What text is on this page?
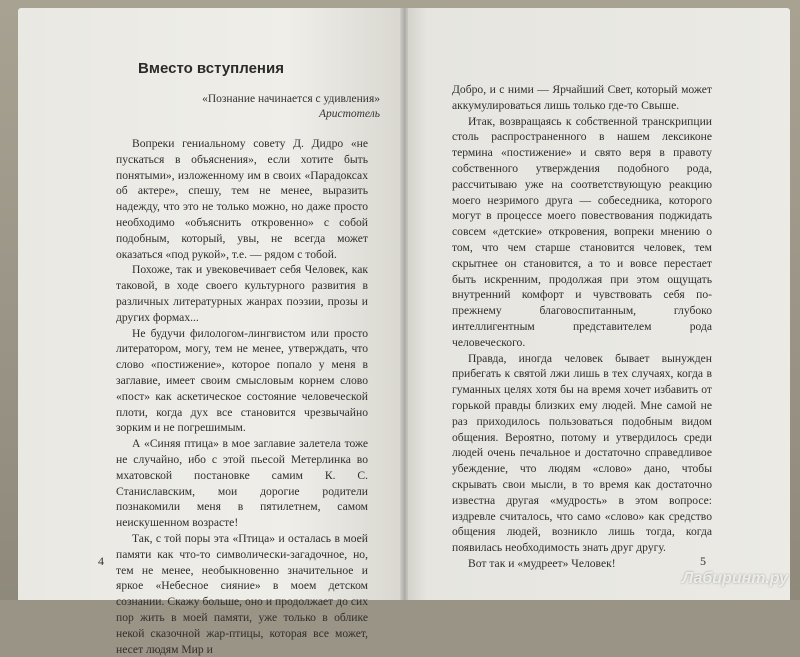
Вместо вступления
«Познание начинается с удивления»
Аристотель

Вопреки гениальному совету Д. Дидро «не пускаться в объяснения», если хотите быть понятыми», изложенному им в своих «Парадоксах об актере», спешу, тем не менее, выразить надежду, что это не только можно, но даже просто необходимо «объяснить откровенно» с собой подобным, который, увы, не всегда может оказаться «под рукой», т.е. — рядом с тобой.

Похоже, так и увековечивает себя Человек, как таковой, в ходе своего культурного развития в различных литературных жанрах поэзии, прозы и других формах...

Не будучи филологом-лингвистом или просто литератором, могу, тем не менее, утверждать, что слово «постижение», которое попало у меня в заглавие, имеет своим смысловым корнем слово «пост» как аскетическое состояние человеческой плоти, когда дух все становится чрезвычайно зорким и не погрешимым.

А «Синяя птица» в мое заглавие залетела тоже не случайно, ибо с этой пьесой Метерлинка во мхатовской постановке самим К. С. Станиславским, мои дорогие родители познакомили меня в пятилетнем, самом неискушенном возрасте!

Так, с той поры эта «Птица» и осталась в моей памяти как что-то символически-загадочное, но, тем не менее, необыкновенно значительное и яркое «Небесное сияние» в моем детском сознании. Скажу больше, оно и продолжает до сих пор жить в моей памяти, уже только в облике некой сказочной жар-птицы, которая все может, несет людям Мир и

4

Добро, и с ними — Ярчайший Свет, который может аккумулироваться лишь только где-то Свыше.

Итак, возвращаясь к собственной транскрипции столь распространенного в нашем лексиконе термина «постижение» и свято веря в правоту собственного утверждения подобного рода, рассчитываю уже на соответствующую реакцию моего незримого друга — собеседника, которого могут в процессе моего повествования поджидать совсем «детские» откровения, вопреки мнению о том, что чем старше становится человек, тем скрытнее он становится, а то и вовсе перестает быть искренним, продолжая при этом ощущать внутренний комфорт и чувствовать себя по-прежнему благовоспитанным, глубоко интеллигентным представителем рода человеческого.

Правда, иногда человек бывает вынужден прибегать к святой лжи лишь в тех случаях, когда в гуманных целях хотя бы на время хочет избавить от горькой правды близких ему людей. Мне самой не раз приходилось пользоваться подобным видом общения. Вероятно, потому и утвердилось среди людей очень печальное и достаточно справедливое убеждение, что людям «слово» дано, чтобы скрывать свои мысли, в то время как достаточно известна другая «мудрость» в этом вопросе: издревле считалось, что само «слово» как средство общения людей, возникло лишь тогда, когда появилась необходимость знать друг другу.

Вот так и «мудреет» Человек!	5
Лабиринт.ру
